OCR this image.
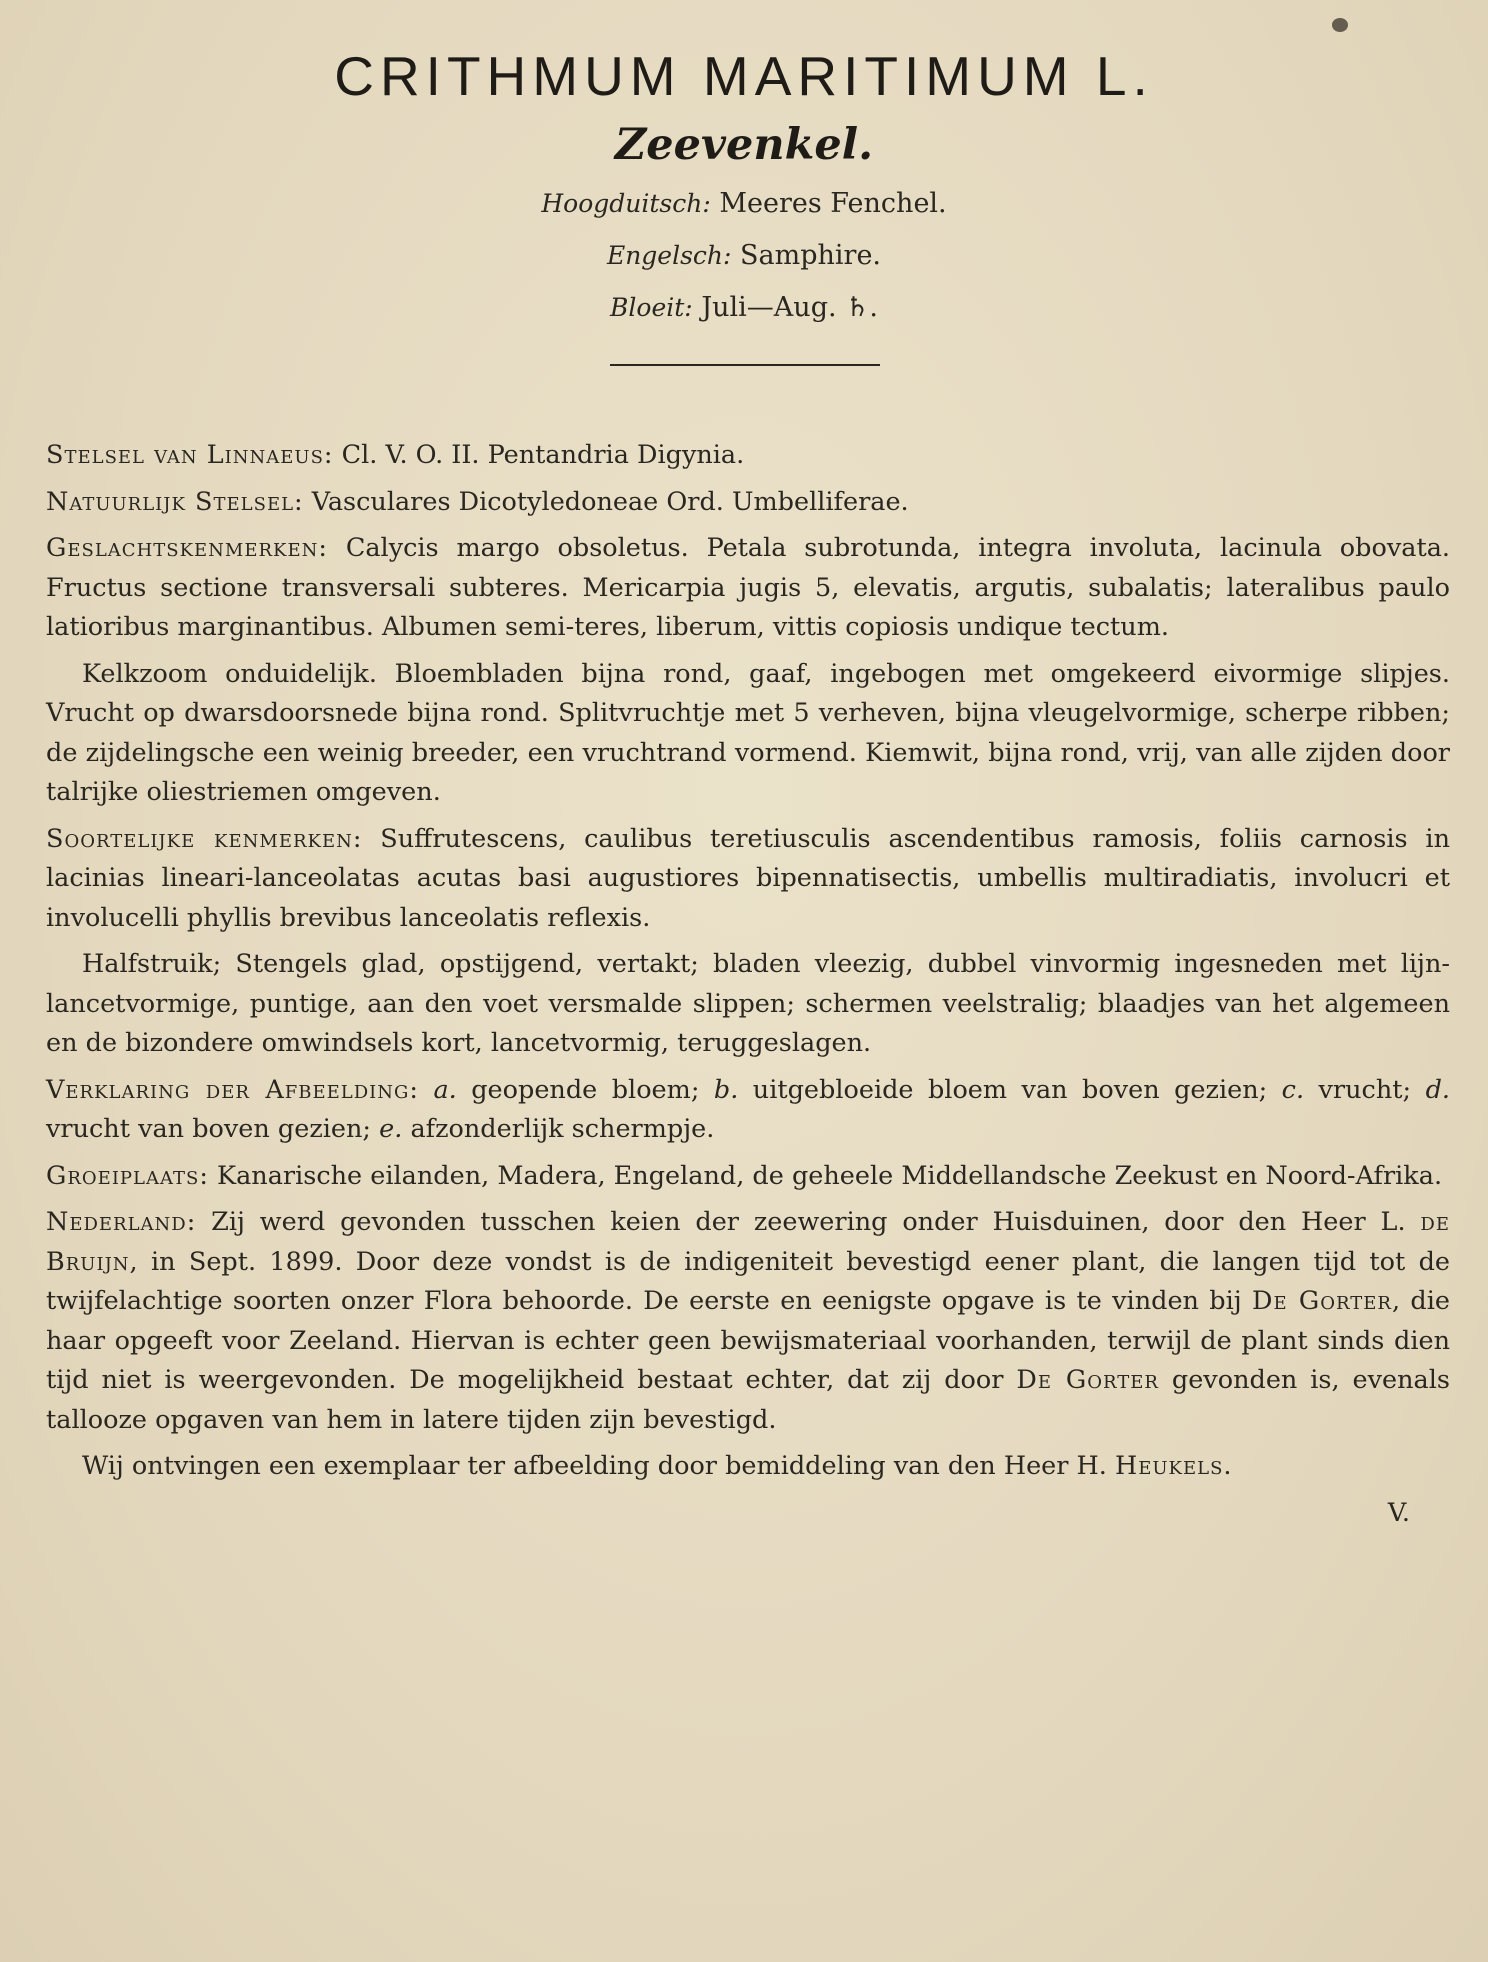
CRITHMUM MARITIMUM L.
Zeevenkel.
Hoogduitsch: Meeres Fenchel.
Engelsch: Samphire.
Bloeit: Juli—Aug. ♄.

Stelsel van Linnaeus: Cl. V. O. II. Pentandria Digynia.

Natuurlijk Stelsel: Vasculares Dicotyledoneae Ord. Umbelliferae.

Geslachtskenmerken: Calycis margo obsoletus. Petala subrotunda, integra involuta, lacinula obovata. Fructus sectione transversali subteres. Mericarpia jugis 5, elevatis, argutis, subalatis; lateralibus paulo latioribus marginantibus. Albumen semi-teres, liberum, vittis copiosis undique tectum.

Kelkzoom onduidelijk. Bloembladen bijna rond, gaaf, ingebogen met omgekeerd eivormige slipjes. Vrucht op dwarsdoorsnede bijna rond. Splitvruchtje met 5 verheven, bijna vleugelvormige, scherpe ribben; de zijdelingsche een weinig breeder, een vruchtrand vormend. Kiemwit, bijna rond, vrij, van alle zijden door talrijke oliestriemen omgeven.

Soortelijke kenmerken: Suffrutescens, caulibus teretiusculis ascendentibus ramosis, foliis carnosis in lacinias lineari-lanceolatas acutas basi augustiores bipennatisectis, umbellis multiradiatis, involucri et involucelli phyllis brevibus lanceolatis reflexis.

Halfstruik; Stengels glad, opstijgend, vertakt; bladen vleezig, dubbel vinvormig ingesneden met lijn-lancetvormige, puntige, aan den voet versmalde slippen; schermen veelstralig; blaadjes van het algemeen en de bizondere omwindsels kort, lancetvormig, teruggeslagen.

Verklaring der Afbeelding: a. geopende bloem; b. uitgebloeide bloem van boven gezien; c. vrucht; d. vrucht van boven gezien; e. afzonderlijk schermpje.

Groeiplaats: Kanarische eilanden, Madera, Engeland, de geheele Middellandsche Zeekust en Noord-Afrika.

Nederland: Zij werd gevonden tusschen keien der zeewering onder Huisduinen, door den Heer L. de Bruijn, in Sept. 1899. Door deze vondst is de indigeniteit bevestigd eener plant, die langen tijd tot de twijfelachtige soorten onzer Flora behoorde. De eerste en eenigste opgave is te vinden bij De Gorter, die haar opgeeft voor Zeeland. Hiervan is echter geen bewijsmateriaal voorhanden, terwijl de plant sinds dien tijd niet is weergevonden. De mogelijkheid bestaat echter, dat zij door De Gorter gevonden is, evenals tallooze opgaven van hem in latere tijden zijn bevestigd.

Wij ontvingen een exemplaar ter afbeelding door bemiddeling van den Heer H. Heukels.

V.
